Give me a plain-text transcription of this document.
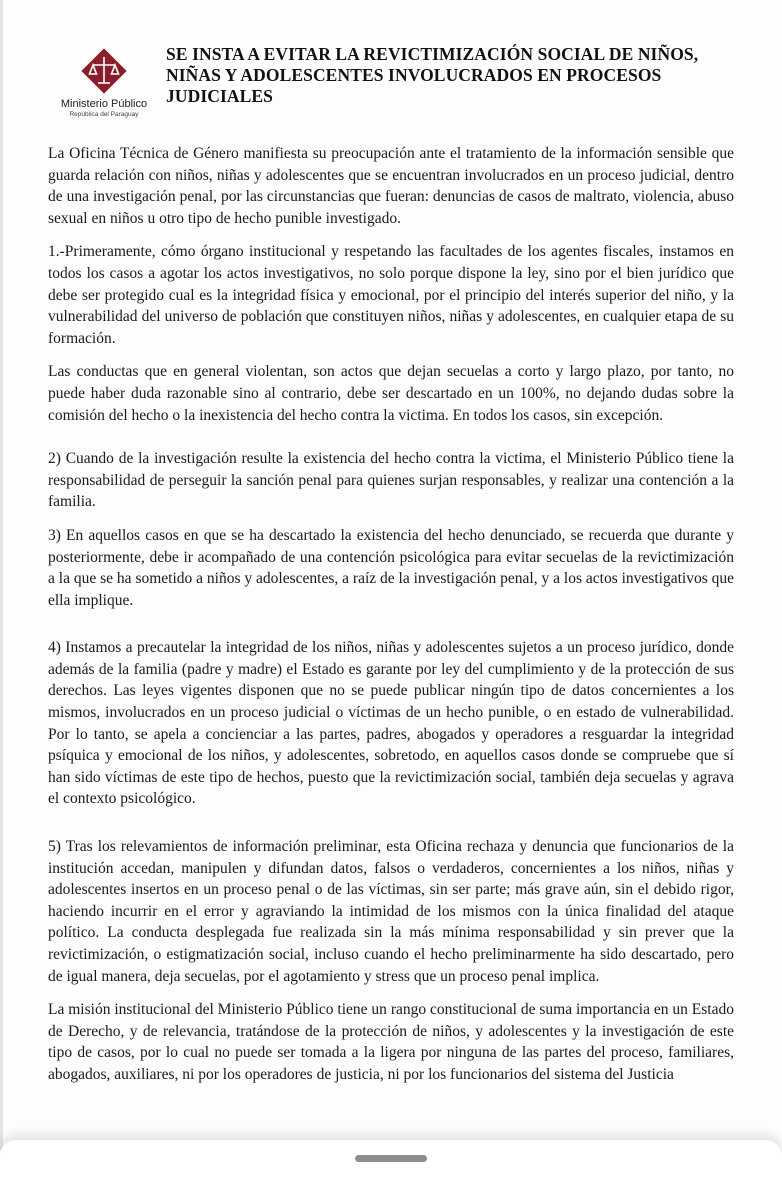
Ministerio Público
República del Paraguay
SE INSTA A EVITAR LA REVICTIMIZACIÓN SOCIAL DE NIÑOS, NIÑAS Y ADOLESCENTES INVOLUCRADOS EN PROCESOS JUDICIALES

La Oficina Técnica de Género manifiesta su preocupación ante el tratamiento de la información sensible que guarda relación con niños, niñas y adolescentes que se encuentran involucrados en un proceso judicial, dentro de una investigación penal, por las circunstancias que fueran: denuncias de casos de maltrato, violencia, abuso sexual en niños u otro tipo de hecho punible investigado.

1.-Primeramente, cómo órgano institucional y respetando las facultades de los agentes fiscales, instamos en todos los casos a agotar los actos investigativos, no solo porque dispone la ley, sino por el bien jurídico que debe ser protegido cual es la integridad física y emocional, por el principio del interés superior del niño, y la vulnerabilidad del universo de población que constituyen niños, niñas y adolescentes, en cualquier etapa de su formación.

Las conductas que en general violentan, son actos que dejan secuelas a corto y largo plazo, por tanto, no puede haber duda razonable sino al contrario, debe ser descartado en un 100%, no dejando dudas sobre la comisión del hecho o la inexistencia del hecho contra la victima. En todos los casos, sin excepción.

2) Cuando de la investigación resulte la existencia del hecho contra la victima, el Ministerio Público tiene la responsabilidad de perseguir la sanción penal para quienes surjan responsables, y realizar una contención a la familia.

3) En aquellos casos en que se ha descartado la existencia del hecho denunciado, se recuerda que durante y posteriormente, debe ir acompañado de una contención psicológica para evitar secuelas de la revictimización a la que se ha sometido a niños y adolescentes, a raíz de la investigación penal, y a los actos investigativos que ella implique.

4) Instamos a precautelar la integridad de los niños, niñas y adolescentes sujetos a un proceso jurídico, donde además de la familia (padre y madre) el Estado es garante por ley del cumplimiento y de la protección de sus derechos. Las leyes vigentes disponen que no se puede publicar ningún tipo de datos concernientes a los mismos, involucrados en un proceso judicial o víctimas de un hecho punible, o en estado de vulnerabilidad. Por lo tanto, se apela a concienciar a las partes, padres, abogados y operadores a resguardar la integridad psíquica y emocional de los niños, y adolescentes, sobretodo, en aquellos casos donde se compruebe que sí han sido víctimas de este tipo de hechos, puesto que la revictimización social, también deja secuelas y agrava el contexto psicológico.

5) Tras los relevamientos de información preliminar, esta Oficina rechaza y denuncia que funcionarios de la institución accedan, manipulen y difundan datos, falsos o verdaderos, concernientes a los niños, niñas y adolescentes insertos en un proceso penal o de las víctimas, sin ser parte; más grave aún, sin el debido rigor, haciendo incurrir en el error y agraviando la intimidad de los mismos con la única finalidad del ataque político. La conducta desplegada fue realizada sin la más mínima responsabilidad y sin prever que la revictimización, o estigmatización social, incluso cuando el hecho preliminarmente ha sido descartado, pero de igual manera, deja secuelas, por el agotamiento y stress que un proceso penal implica.

La misión institucional del Ministerio Público tiene un rango constitucional de suma importancia en un Estado de Derecho, y de relevancia, tratándose de la protección de niños, y adolescentes y la investigación de este tipo de casos, por lo cual no puede ser tomada a la ligera por ninguna de las partes del proceso, familiares, abogados, auxiliares, ni por los operadores de justicia, ni por los funcionarios del sistema del Justicia
